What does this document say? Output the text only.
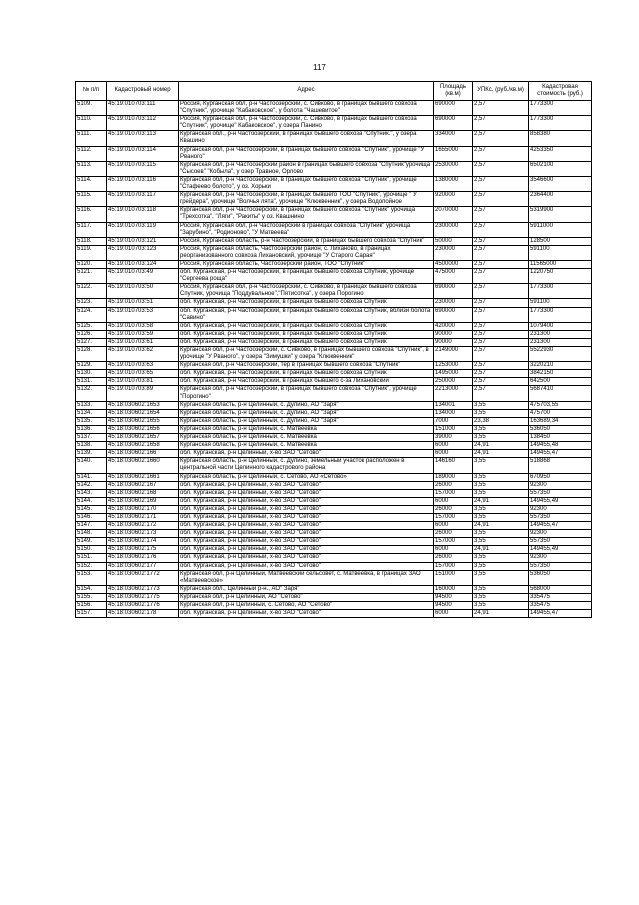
117
№ п/п	Кадастровый номер	Адрес	Площадь (кв.м)	УПКс. (руб./кв.м)	Кадастровая стоимость (руб.)
5109.	45:19:010703:111	Россия, Курганская обл, р-н Частоозерский, с. Сивково, в границах бывшего совхоза "Спутник", урочище "Кабаковское", у болота "Чашевитое"	690000	2,57	1773300
5110.	45:19:010703:112	Россия, Курганская обл, р-н Частоозерский, с. Сивково, в границах бывшего совхоза "Спутник", урочище" Кабаковское", у озера Панино	690000	2,57	1773300
5111.	45:19:010703:113	Курганская обл., р-н Частоозерский, в границах бывшего совхоза "Спутник.", у озера Квашино	334000	2,57	858380
5112.	45:19:010703:114	Курганская обл, р-н Частоозерский, в границах бывшего совхоза "Спутник", урочище "У Рваного"	1655000	2,57	4253350
5113.	45:19:010703:115	Курганская обл, р-н Частоозерский район в границах бывшего совхоза "Спутник"урочища "Сысоев" "Кобыла", у озер Травное, Орлово	2530000	2,57	6502100
5114.	45:19:010703:116	Курганская обл, р-н Частоозерский, в границах бывшего совхоза "Спутник", урочище "Стафеево болото", у оз. Хорьки	1380000	2,57	3546600
5115.	45:19:010703:117	Курганская обл, р-н Частоозерский, в границах бывшего ТОО "Спутник", урочище " У грейдера", урочище "Волчья лята", урочище "Клюквенник", у озера Водопойное	920000	2,57	2364400
5116.	45:19:010703:118	Курганская обл, р-н Частоозерский, в границах бывшего совхоза "Спутник" урочища "Трехсотка", "Ляги", "Ракиты" у оз. Квашнино	2070000	2,57	5319900
5117.	45:19:010703:119	Россия, Курганская обл, р-н Частоозерский в границах совхоза "Спутник" урочища "Зарубино", "Родионово", "У Матвеева"	2300000	2,57	5911000
5118.	45:19:010703:121	Россия, Курганская область, р-н Частоозерский, в границах бывшего совхоза "Спутник"	50000	2,57	128500
5119.	45:19:010703:123	Россия, Курганская область, Частоозерский район, с. Лиханово, в границах реорганизованного совхоза Лихановский, урочище "У Старого Сарая"	230000	2,57	591100
5120.	45:19:010703:124	Россия, Курганская область, Частоозерский район, ТОО "Спутник"	4500000	2,57	11565000
5121.	45:19:010703:49	обл. Курганская, р-н Частоозерский, в границах бывшего совхоза Спутник, урочище "Сергеева роща"	475000	2,57	1220750
5122.	45:19:010703:50	Россия, Курганская обл, р-н Частоозерский, с. Сивково, в границах бывшего совхоза Спутник, урочища "Поддувальное","Пятисотка", у озера Порогино	690000	2,57	1773300
5123.	45:19:010703:51	обл. Курганская, р-н Частоозерский, в границах бывшего совхоза Спутник	230000	2,57	591100
5124.	45:19:010703:53	обл. Курганская, р-н Частоозерский, в границах бывшего совхоза Спутник, вблизи болота "Савино"	690000	2,57	1773300
5125.	45:19:010703:58	обл. Курганская, р-н Частоозерский, в границах бывшего совхоза Спутник	420000	2,57	1079400
5126.	45:19:010703:59	обл. Курганская, р-н Частоозерский, в границах бывшего совхоза Спутник	90000	2,57	231300
5127.	45:19:010703:61	обл. Курганская, р-н Частоозерский, в границах бывшего совхоза Спутник	90000	2,57	231300
5128.	45:19:010703:62	Курганская обл, р-н Частоозерский, с. Сивково, в границах бывшего совхоза "Спутник", в урочище "У Рваного", у озера "Зимушки" у озера "Клюквенник"	2149000	2,57	5522930
5129.	45:19:010703:63	Курганская обл, р-н Частоозерский, тер в границах бывшего совхоза "Спутник"	1253000	2,57	3220210
5130.	45:19:010703:65	обл. Курганская, р-н Частоозерский, в границах бывшего совхоза Спутник	1495000	2,57	3842150
5131.	45:19:010703:81	обл. Курганская, р-н Частоозерский, в границах бывшего с-за Лихановский	250000	2,57	642500
5132.	45:19:010703:89	Курганская обл, р-н Частоозерский, в границах бывшего совхоза "Спутник", урочище "Порогино"	2213000	2,57	5687410
5133.	45:18:030602:1653	Курганская область, р-н Целинный, с. Дулино, АО "Заря"	134001	3,55	475703,55
5134.	45:18:030602:1654	Курганская область, р-н Целинный, с. Дулино, АО "Заря"	134000	3,55	475700
5135.	45:18:030602:1655	Курганская область, р-н Целинный, с. Дулино, АО "Заря"	7000	23,38	163689,34
5136.	45:18:030602:1656	Курганская область, р-н Целинный, с. Матвеевка	151000	3,55	536050
5137.	45:18:030602:1657	Курганская область, р-н Целинный, с. Матвеевка	39000	3,55	138450
5138.	45:18:030602:1658	Курганская область, р-н Целинный, с. Матвеевка	6000	24,91	149455,48
5139.	45:18:030602:166	обл. Курганская, р-н Целинный, х-во ЗАО "Сетово"	6000	24,91	149455,47
5140.	45:18:030602:1660	Курганская область, р-н Целинный, с. Дулино, земельный участок расположен в центральной части Целинного кадастрового района	146160	3,55	518868
5141.	45:18:030602:1661	Курганская область, р-н Целинный, с. Сетово, АО «Сетово»	189000	3,55	670950
5142.	45:18:030602:167	обл. Курганская, р-н Целинный, х-во ЗАО "Сетово"	26000	3,55	92300
5143.	45:18:030602:168	обл. Курганская, р-н Целинный, х-во ЗАО "Сетово"	157000	3,55	557350
5144.	45:18:030602:169	обл. Курганская, р-н Целинный, х-во ЗАО "Сетово"	6000	24,91	149455,49
5145.	45:18:030602:170	обл. Курганская, р-н Целинный, х-во ЗАО "Сетово"	26000	3,55	92300
5146.	45:18:030602:171	обл. Курганская, р-н Целинный, х-во ЗАО "Сетово"	157000	3,55	557350
5147.	45:18:030602:172	обл. Курганская, р-н Целинный, х-во ЗАО "Сетово"	6000	24,91	149455,47
5148.	45:18:030602:173	обл. Курганская, р-н Целинный, х-во ЗАО "Сетово"	26000	3,55	92300
5149.	45:18:030602:174	обл. Курганская, р-н Целинный, х-во ЗАО "Сетово"	157000	3,55	557350
5150.	45:18:030602:175	обл. Курганская, р-н Целинный, х-во ЗАО "Сетово"	6000	24,91	149455,49
5151.	45:18:030602:176	обл. Курганская, р-н Целинный, х-во ЗАО "Сетово"	26000	3,55	92300
5152.	45:18:030602:177	обл. Курганская, р-н Целинный, х-во ЗАО "Сетово"	157000	3,55	557350
5153.	45:18:030602:1772	Курганская обл, р-н Целинный, Матвеевский сельсовет, с. Матвеевка, в границах ЗАО «Матвеевское»	151000	3,55	536050
5154.	45:18:030602:1773	Курганская обл., Целинный р-н., АО" Заря"	160000	3,55	568000
5155.	45:18:030602:1775	Курганская обл, р-н Целинный, АО "Сетово"	94500	3,55	335475
5156.	45:18:030602:1776	Курганская обл, р-н Целинный, с. Сетово, АО "Сетово"	94500	3,55	335475
5157.	45:18:030602:178	обл. Курганская, р-н Целинный, х-во ЗАО "Сетово"	6000	24,91	149455,47
